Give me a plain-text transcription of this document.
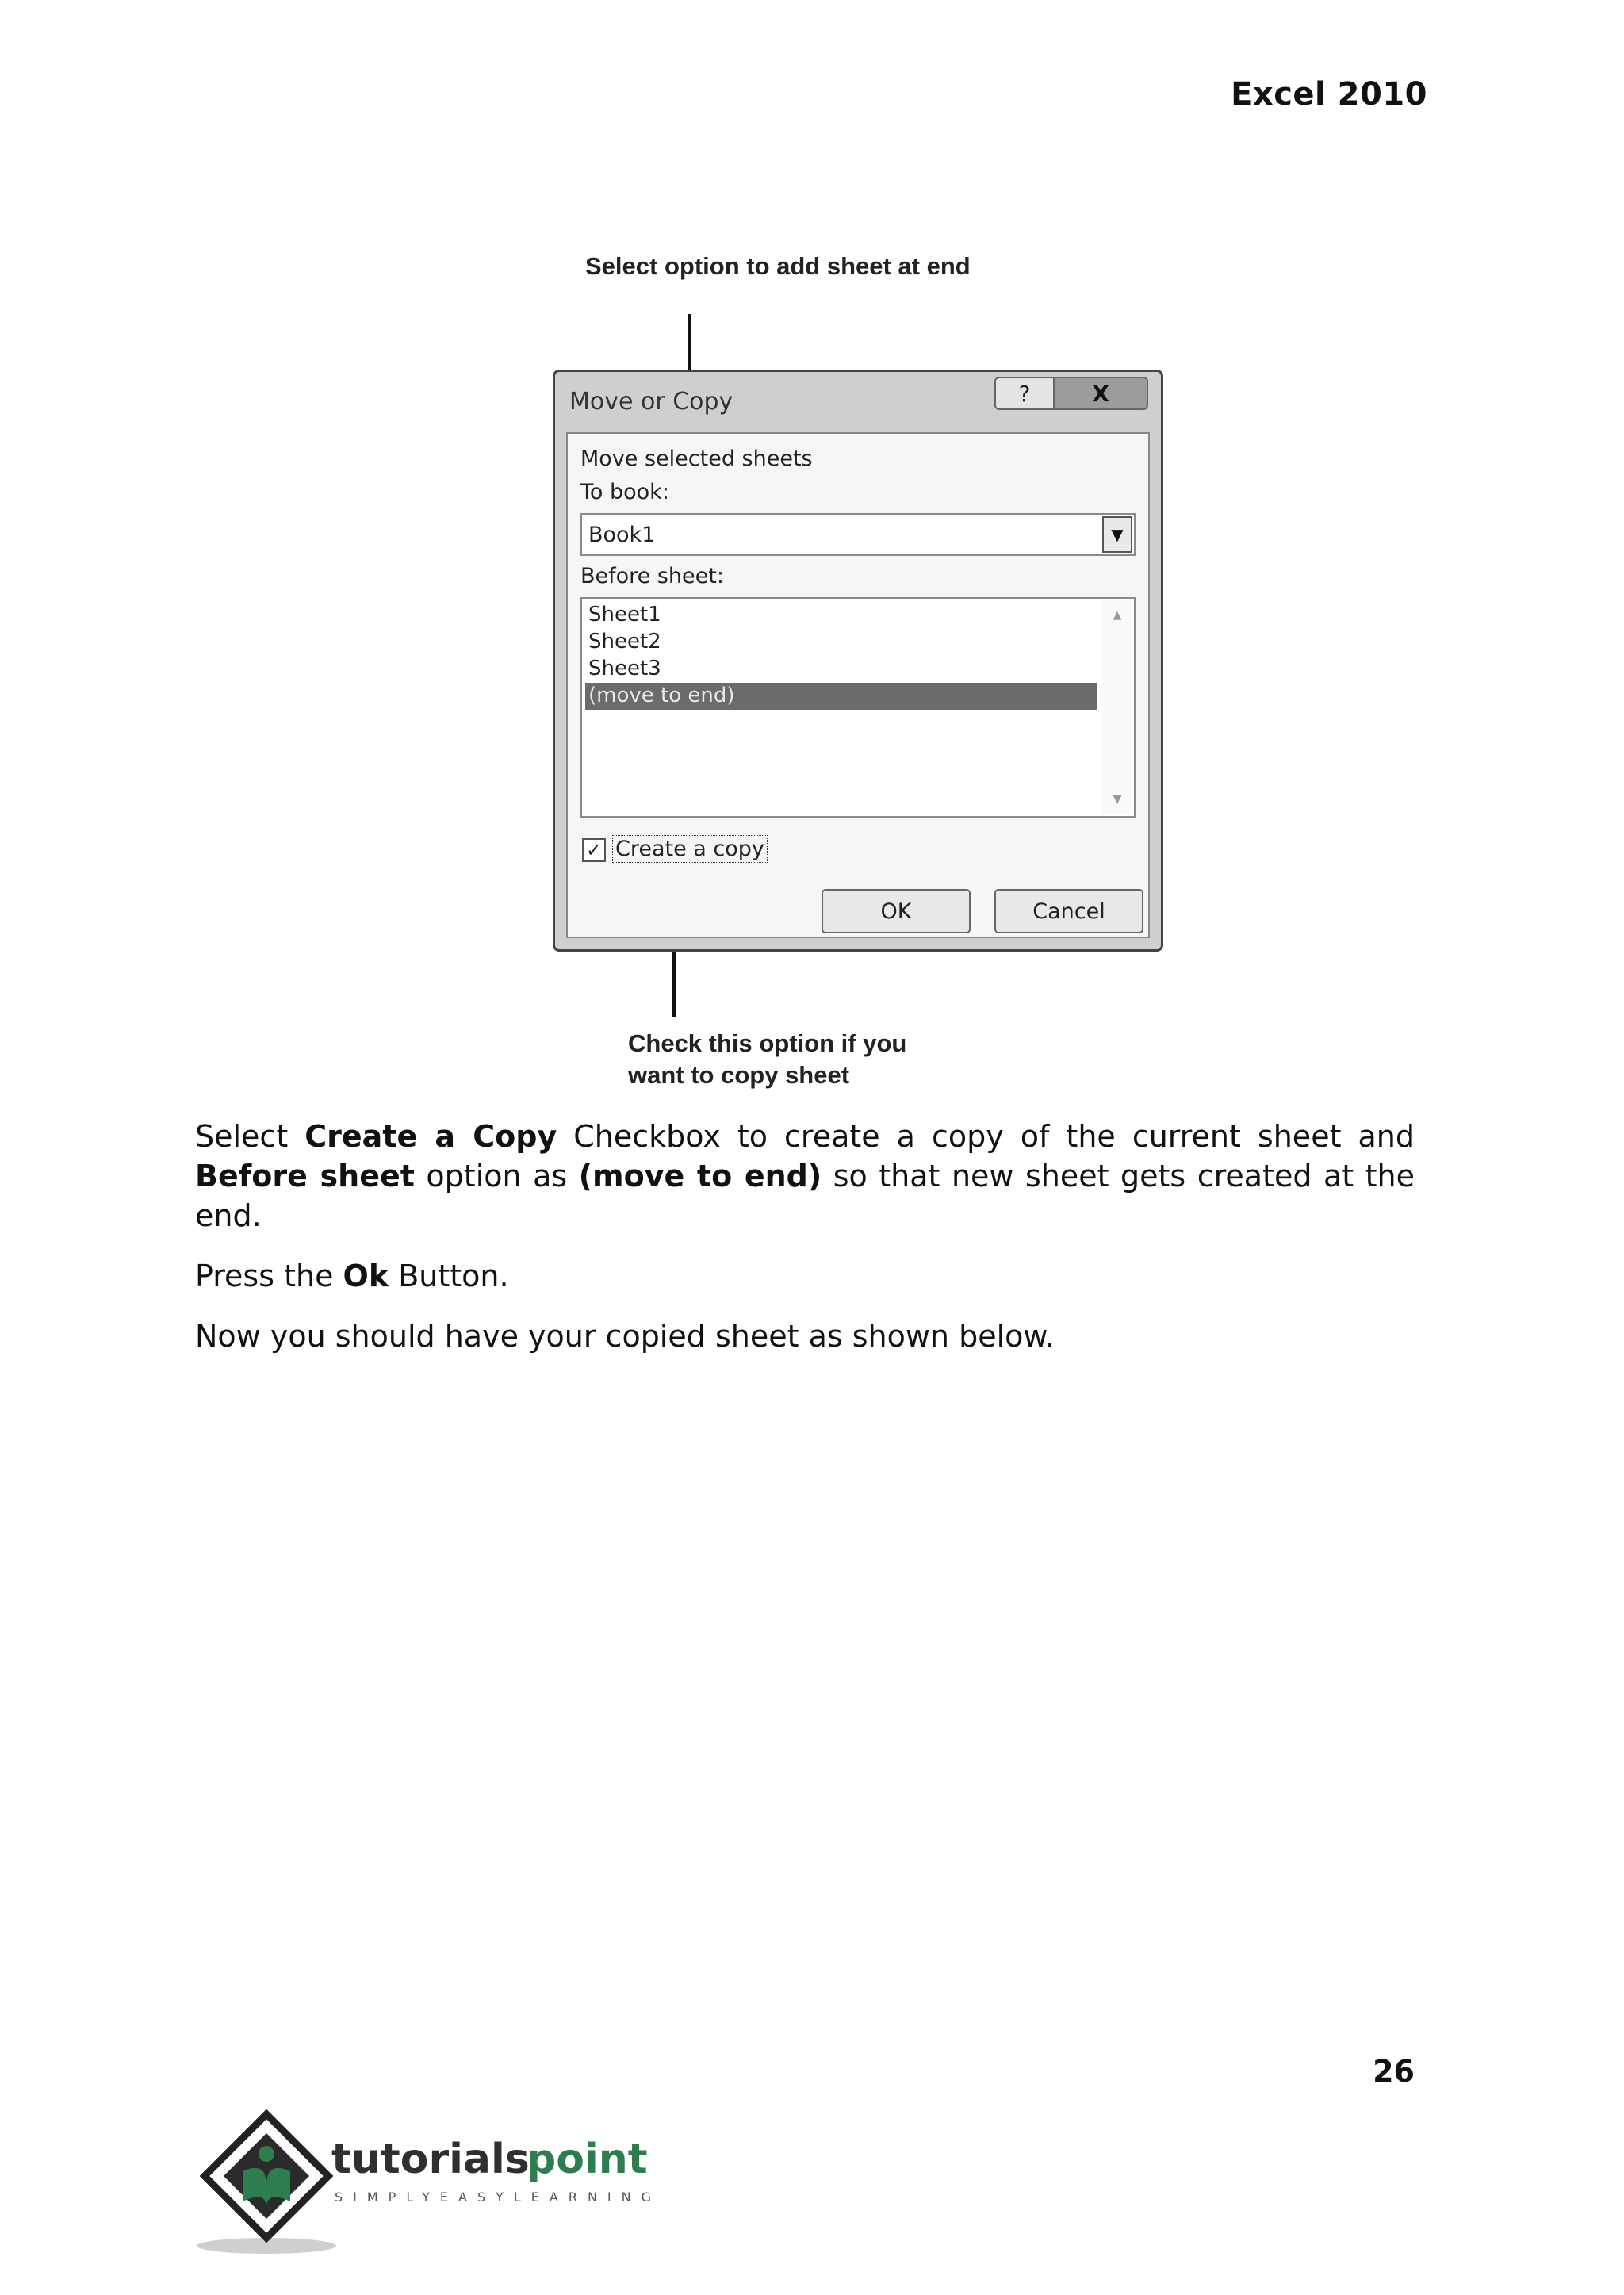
Excel 2010
Select option to add sheet at end
Move or Copy	?	X
Move selected sheets
To book:
Book1	▼
Before sheet:
Sheet1
Sheet2
Sheet3
(move to end)
▲
▼
✓ Create a copy
OK	Cancel
Check this option if you
want to copy sheet

Select Create a Copy Checkbox to create a copy of the current sheet and Before sheet option as (move to end) so that new sheet gets created at the end.

Press the Ok Button.

Now you should have your copied sheet as shown below.

26
tutorials
point
SIMPLYEASYLEARNING
